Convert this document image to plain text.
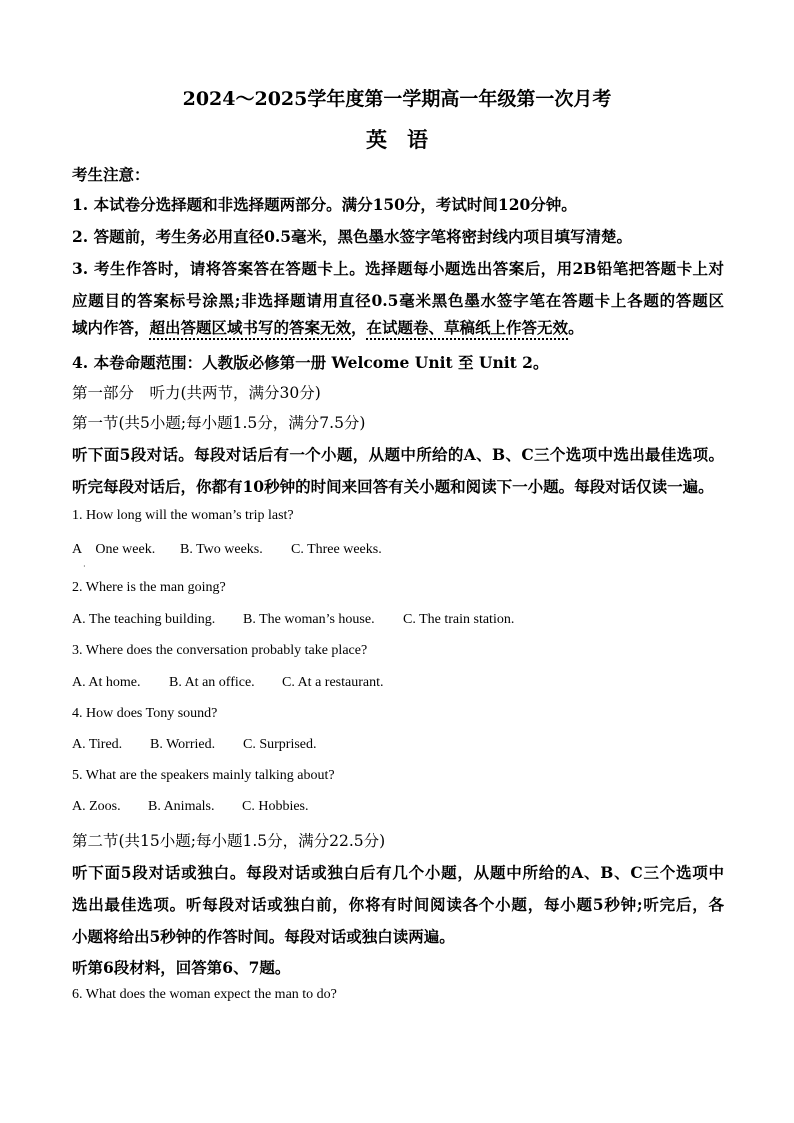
2024～2025学年度第一学期高一年级第一次月考
英语
考生注意：
1. 本试卷分选择题和非选择题两部分。满分150分，考试时间120分钟。
2. 答题前，考生务必用直径0.5毫米，黑色墨水签字笔将密封线内项目填写清楚。
3. 考生作答时，请将答案答在答题卡上。选择题每小题选出答案后，用2B铅笔把答题卡上对
应题目的答案标号涂黑;非选择题请用直径0.5毫米黑色墨水签字笔在答题卡上各题的答题区
域内作答，超出答题区域书写的答案无效，在试题卷、草稿纸上作答无效。
4. 本卷命题范围：人教版必修第一册 Welcome Unit 至 Unit 2。
第一部分　听力(共两节，满分30分)
第一节(共5小题;每小题1.5分，满分7.5分)
听下面5段对话。每段对话后有一个小题，从题中所给的A、B、C三个选项中选出最佳选项。
听完每段对话后，你都有10秒钟的时间来回答有关小题和阅读下一小题。每段对话仅读一遍。
1. How long will the woman’s trip last?
A　One week. B. Two weeks. C. Three weeks.
·
2. Where is the man going?
A. The teaching building. B. The woman’s house. C. The train station.
3. Where does the conversation probably take place?
A. At home. B. At an office. C. At a restaurant.
4. How does Tony sound?
A. Tired. B. Worried. C. Surprised.
5. What are the speakers mainly talking about?
A. Zoos. B. Animals. C. Hobbies.
第二节(共15小题;每小题1.5分，满分22.5分)
听下面5段对话或独白。每段对话或独白后有几个小题，从题中所给的A、B、C三个选项中
选出最佳选项。听每段对话或独白前，你将有时间阅读各个小题，每小题5秒钟;听完后，各
小题将给出5秒钟的作答时间。每段对话或独白读两遍。
听第6段材料，回答第6、7题。
6. What does the woman expect the man to do?
